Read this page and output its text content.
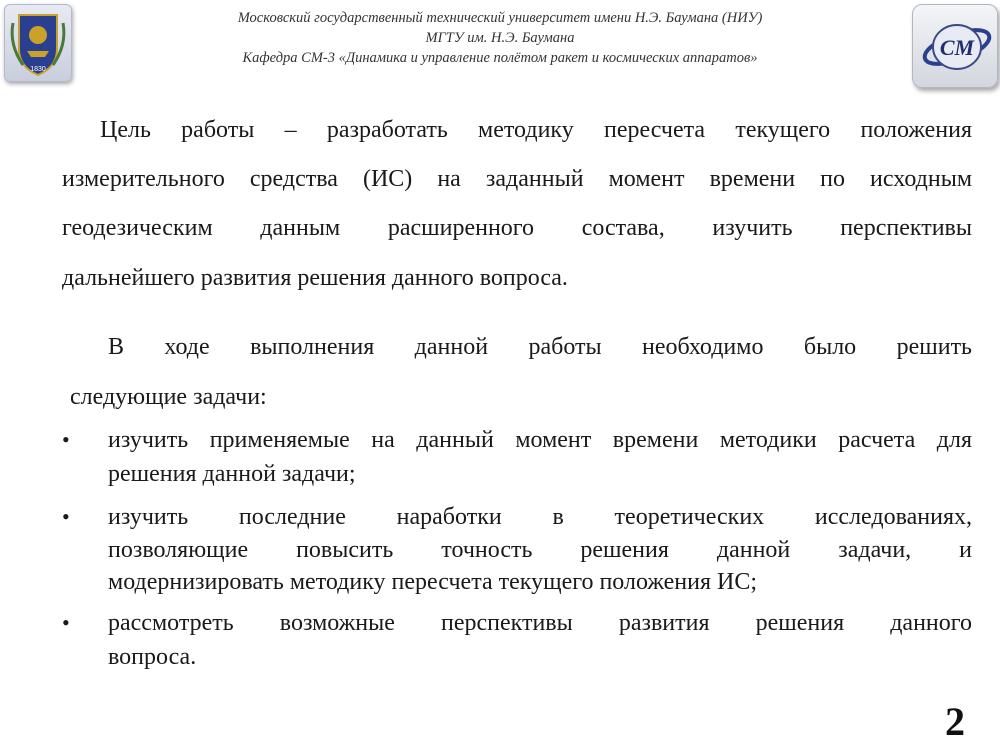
1830
Московский государственный технический университет имени Н.Э. Баумана (НИУ)
МГТУ им. Н.Э. Баумана
Кафедра СМ-3 «Динамика и управление полётом ракет и космических аппаратов»	СМ
Цель работы – разработать методику пересчета текущего положения
измерительного средства (ИС) на заданный момент времени по исходным
геодезическим данным расширенного состава, изучить перспективы
дальнейшего развития решения данного вопроса.
В ходе выполнения данной работы необходимо было решить
следующие задачи:
• изучить применяемые на данный момент времени методики расчета для
решения данной задачи;
• изучить последние наработки в теоретических исследованиях,
позволяющие повысить точность решения данной задачи, и
модернизировать методику пересчета текущего положения ИС;
• рассмотреть возможные перспективы развития решения данного
вопроса.
2
